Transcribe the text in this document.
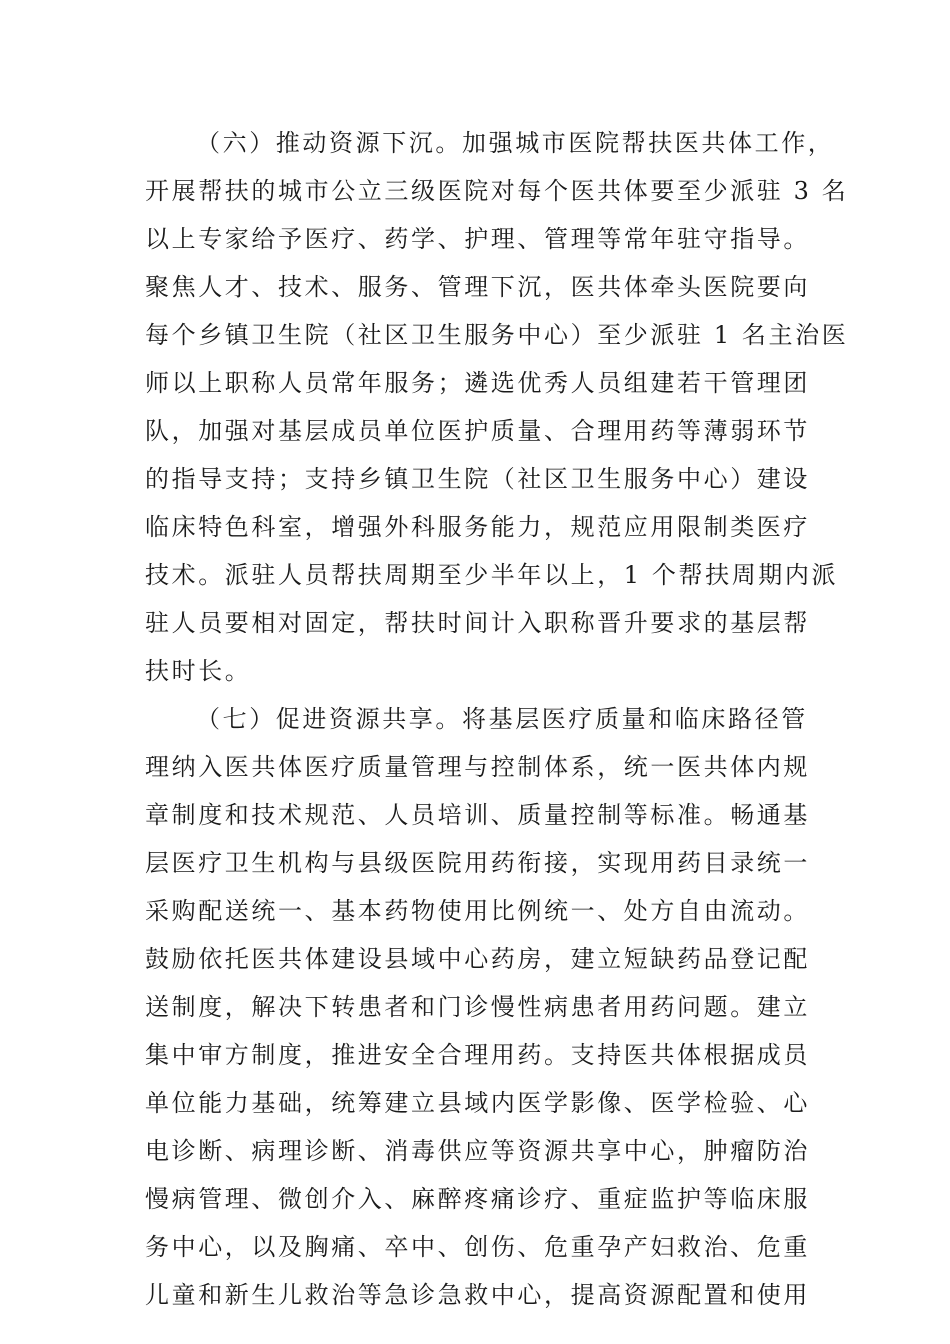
（六）推动资源下沉。加强城市医院帮扶医共体工作，
开展帮扶的城市公立三级医院对每个医共体要至少派驻 3 名
以上专家给予医疗、药学、护理、管理等常年驻守指导。
聚焦人才、技术、服务、管理下沉，医共体牵头医院要向
每个乡镇卫生院（社区卫生服务中心）至少派驻 1 名主治医
师以上职称人员常年服务；遴选优秀人员组建若干管理团
队，加强对基层成员单位医护质量、合理用药等薄弱环节
的指导支持；支持乡镇卫生院（社区卫生服务中心）建设
临床特色科室，增强外科服务能力，规范应用限制类医疗
技术。派驻人员帮扶周期至少半年以上，1 个帮扶周期内派
驻人员要相对固定，帮扶时间计入职称晋升要求的基层帮
扶时长。
（七）促进资源共享。将基层医疗质量和临床路径管
理纳入医共体医疗质量管理与控制体系，统一医共体内规
章制度和技术规范、人员培训、质量控制等标准。畅通基
层医疗卫生机构与县级医院用药衔接，实现用药目录统一
采购配送统一、基本药物使用比例统一、处方自由流动。
鼓励依托医共体建设县域中心药房，建立短缺药品登记配
送制度，解决下转患者和门诊慢性病患者用药问题。建立
集中审方制度，推进安全合理用药。支持医共体根据成员
单位能力基础，统筹建立县域内医学影像、医学检验、心
电诊断、病理诊断、消毒供应等资源共享中心，肿瘤防治
慢病管理、微创介入、麻醉疼痛诊疗、重症监护等临床服
务中心，以及胸痛、卒中、创伤、危重孕产妇救治、危重
儿童和新生儿救治等急诊急救中心，提高资源配置和使用
